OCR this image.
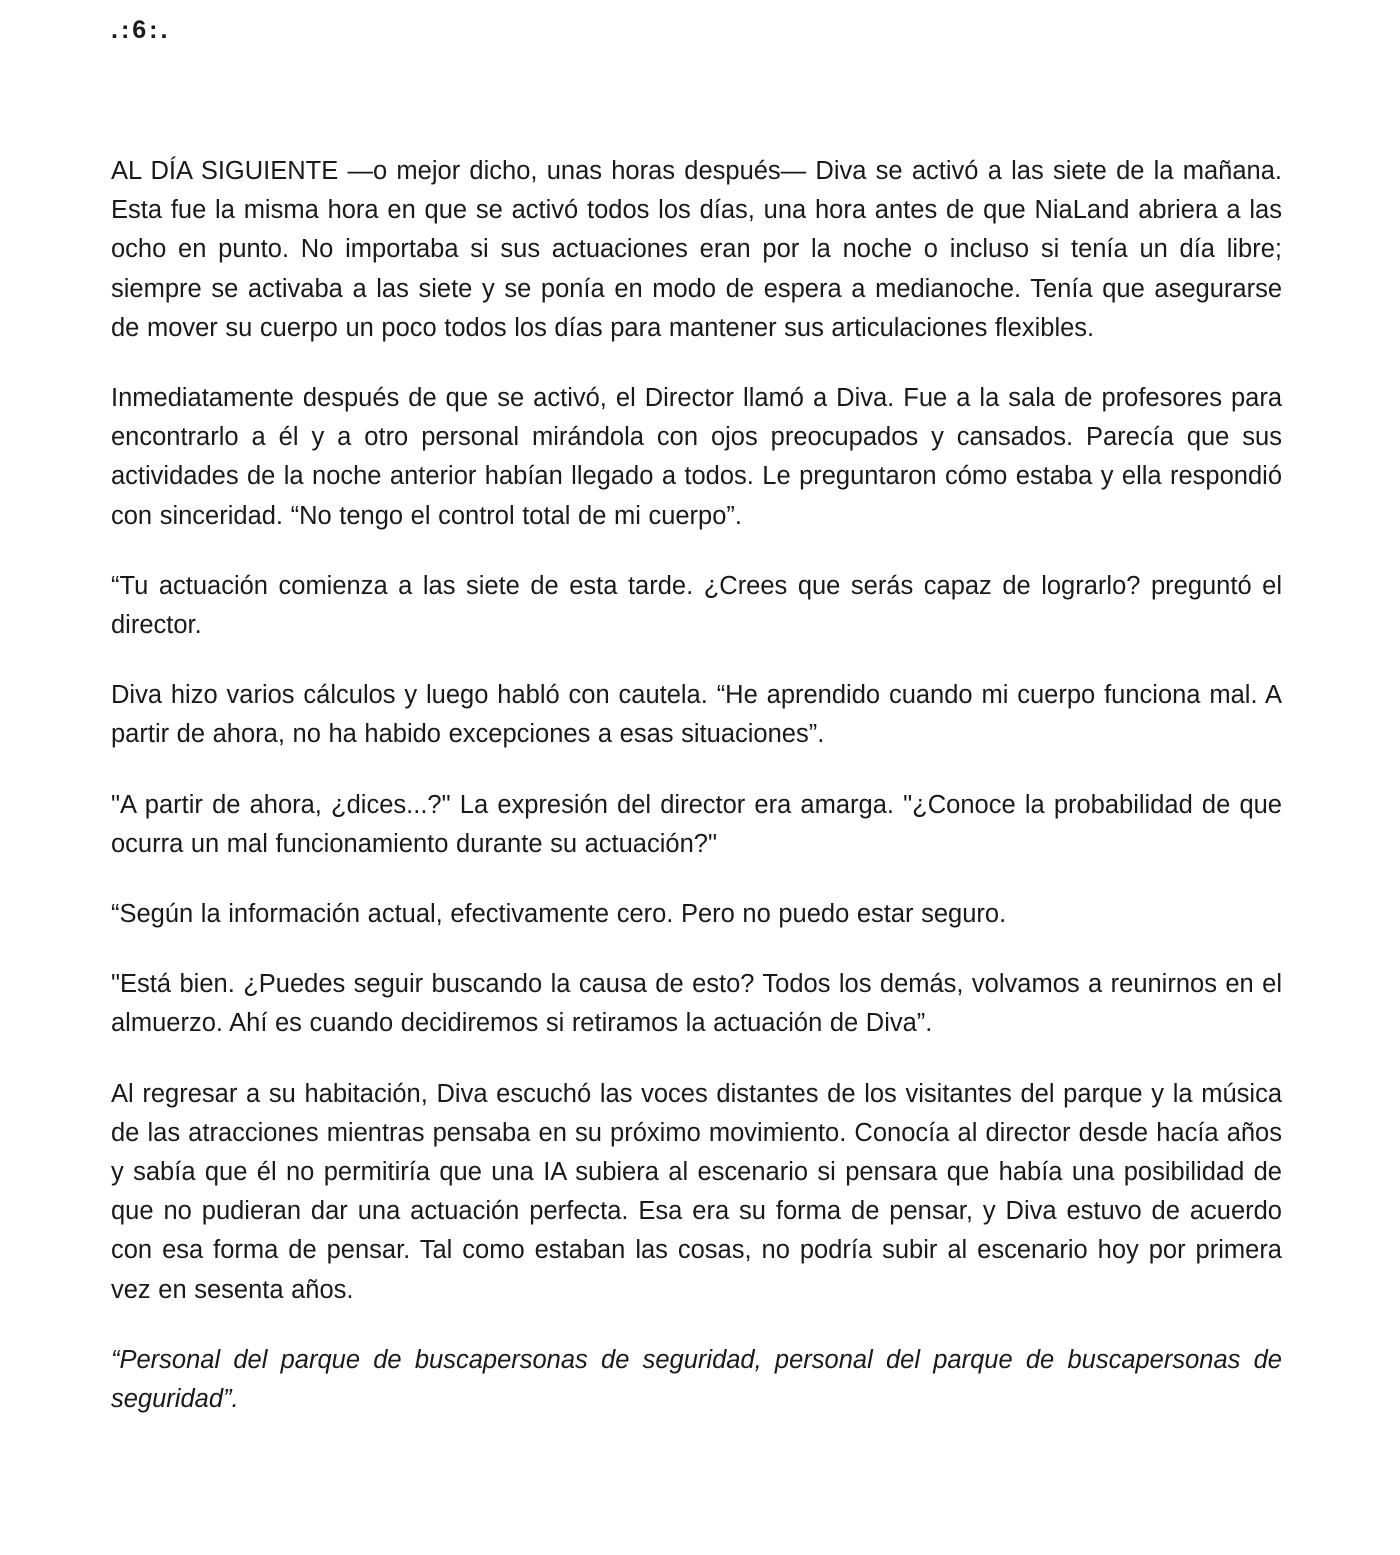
.:6:.

AL DÍA SIGUIENTE —o mejor dicho, unas horas después— Diva se activó a las siete de la mañana. Esta fue la misma hora en que se activó todos los días, una hora antes de que NiaLand abriera a las ocho en punto. No importaba si sus actuaciones eran por la noche o incluso si tenía un día libre; siempre se activaba a las siete y se ponía en modo de espera a medianoche. Tenía que asegurarse de mover su cuerpo un poco todos los días para mantener sus articulaciones flexibles.

Inmediatamente después de que se activó, el Director llamó a Diva. Fue a la sala de profesores para encontrarlo a él y a otro personal mirándola con ojos preocupados y cansados. Parecía que sus actividades de la noche anterior habían llegado a todos. Le preguntaron cómo estaba y ella respondió con sinceridad. “No tengo el control total de mi cuerpo”.

“Tu actuación comienza a las siete de esta tarde. ¿Crees que serás capaz de lograrlo? preguntó el director.

Diva hizo varios cálculos y luego habló con cautela. “He aprendido cuando mi cuerpo funciona mal. A partir de ahora, no ha habido excepciones a esas situaciones”.

"A partir de ahora, ¿dices...?" La expresión del director era amarga. "¿Conoce la probabilidad de que ocurra un mal funcionamiento durante su actuación?"

“Según la información actual, efectivamente cero. Pero no puedo estar seguro.

"Está bien. ¿Puedes seguir buscando la causa de esto? Todos los demás, volvamos a reunirnos en el almuerzo. Ahí es cuando decidiremos si retiramos la actuación de Diva”.

Al regresar a su habitación, Diva escuchó las voces distantes de los visitantes del parque y la música de las atracciones mientras pensaba en su próximo movimiento. Conocía al director desde hacía años y sabía que él no permitiría que una IA subiera al escenario si pensara que había una posibilidad de que no pudieran dar una actuación perfecta. Esa era su forma de pensar, y Diva estuvo de acuerdo con esa forma de pensar. Tal como estaban las cosas, no podría subir al escenario hoy por primera vez en sesenta años.

“Personal del parque de buscapersonas de seguridad, personal del parque de buscapersonas de seguridad”.
